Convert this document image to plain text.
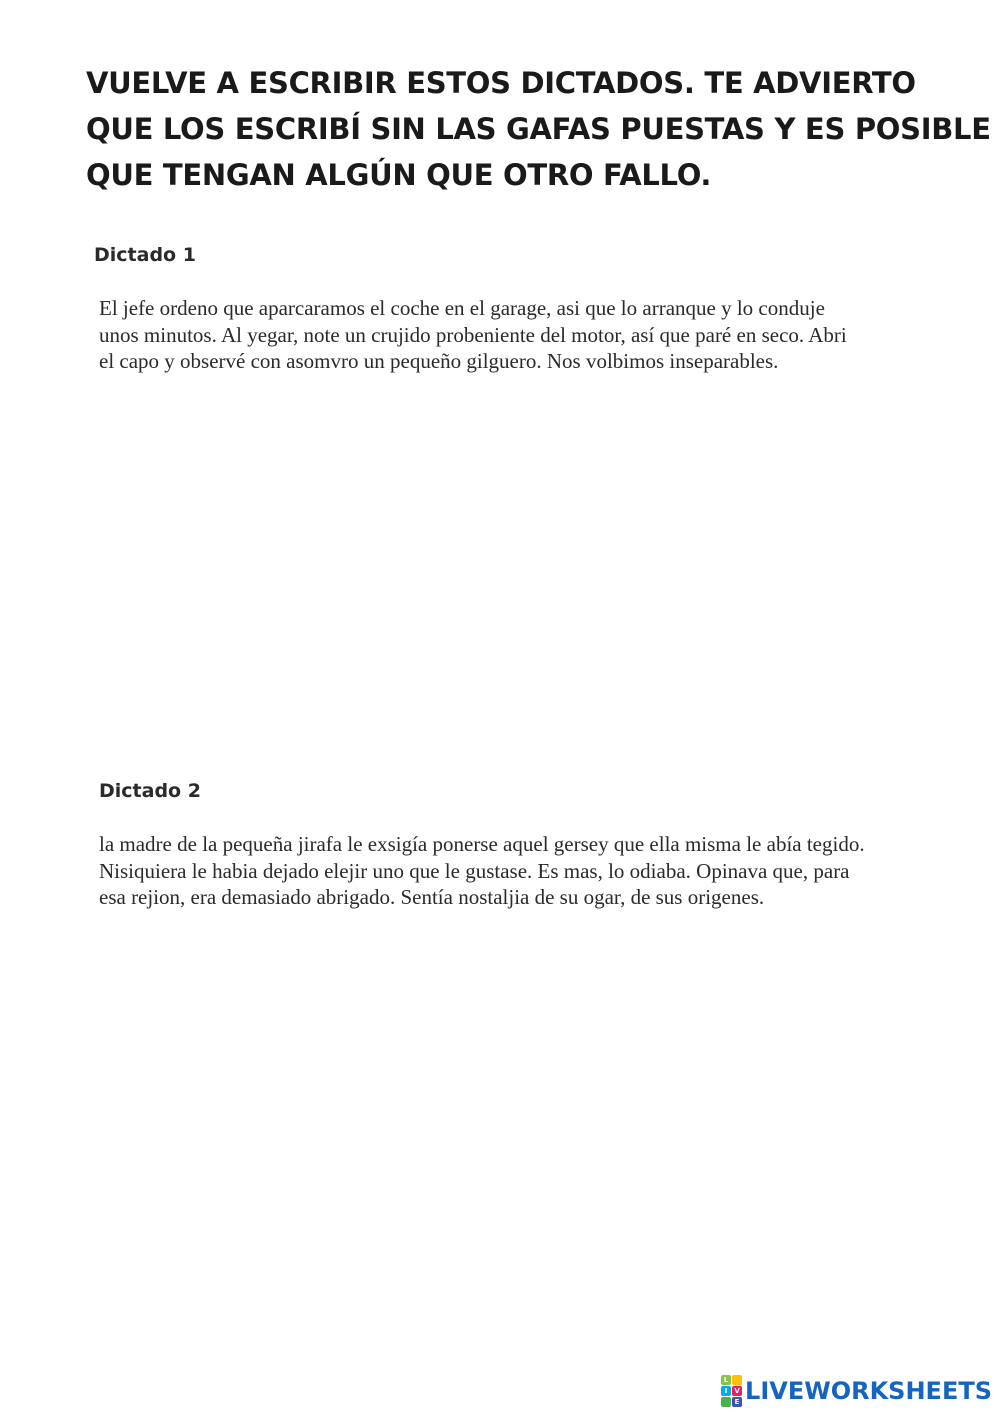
VUELVE A ESCRIBIR ESTOS DICTADOS. TE ADVIERTO
QUE LOS ESCRIBÍ SIN LAS GAFAS PUESTAS Y ES POSIBLE
QUE TENGAN ALGÚN QUE OTRO FALLO.
Dictado 1

El jefe ordeno que aparcaramos el coche en el garage, asi que lo arranque y lo conduje
unos minutos. Al yegar, note un crujido probeniente del motor, así que paré en seco. Abri
el capo y observé con asomvro un pequeño gilguero. Nos volbimos inseparables.

Dictado 2

la madre de la pequeña jirafa le exsigía ponerse aquel gersey que ella misma le abía tegido.
Nisiquiera le habia dejado elejir uno que le gustase. Es mas, lo odiaba. Opinava que, para
esa rejion, era demasiado abrigado. Sentía nostaljia de su ogar, de sus origenes.

L
I V
E LIVEWORKSHEETS
